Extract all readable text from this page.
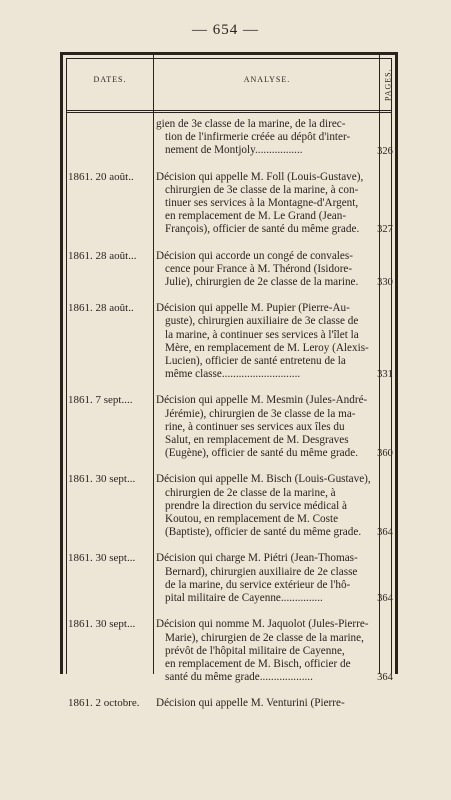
— 654 —
DATES.	ANALYSE.	PAGES.

gien de 3e classe de la marine, de la direc-

tion de l'infirmerie créée au dépôt d'inter-

nement de Montjoly.................	326
1861. 20 août..	Décision qui appelle M. Foll (Louis-Gustave),

chirurgien de 3e classe de la marine, à con-

tinuer ses services à la Montagne-d'Argent,

en remplacement de M. Le Grand (Jean-

François), officier de santé du même grade.	327
1861. 28 août...	Décision qui accorde un congé de convales-

cence pour France à M. Thérond (Isidore-

Julie), chirurgien de 2e classe de la marine.	330
1861. 28 août..	Décision qui appelle M. Pupier (Pierre-Au-

guste), chirurgien auxiliaire de 3e classe de

la marine, à continuer ses services à l'îlet la

Mère, en remplacement de M. Leroy (Alexis-

Lucien), officier de santé entretenu de la

même classe............................	331
1861. 7 sept....	Décision qui appelle M. Mesmin (Jules-André-

Jérémie), chirurgien de 3e classe de la ma-

rine, à continuer ses services aux îles du

Salut, en remplacement de M. Desgraves

(Eugène), officier de santé du même grade.	360
1861. 30 sept...	Décision qui appelle M. Bisch (Louis-Gustave),

chirurgien de 2e classe de la marine, à

prendre la direction du service médical à

Koutou, en remplacement de M. Coste

(Baptiste), officier de santé du même grade.	364
1861. 30 sept...	Décision qui charge M. Piétri (Jean-Thomas-

Bernard), chirurgien auxiliaire de 2e classe

de la marine, du service extérieur de l'hô-

pital militaire de Cayenne...............	364
1861. 30 sept...	Décision qui nomme M. Jaquolot (Jules-Pierre-

Marie), chirurgien de 2e classe de la marine,

prévôt de l'hôpital militaire de Cayenne,

en remplacement de M. Bisch, officier de

santé du même grade...................	364
1861. 2 octobre.	Décision qui appelle M. Venturini (Pierre-
